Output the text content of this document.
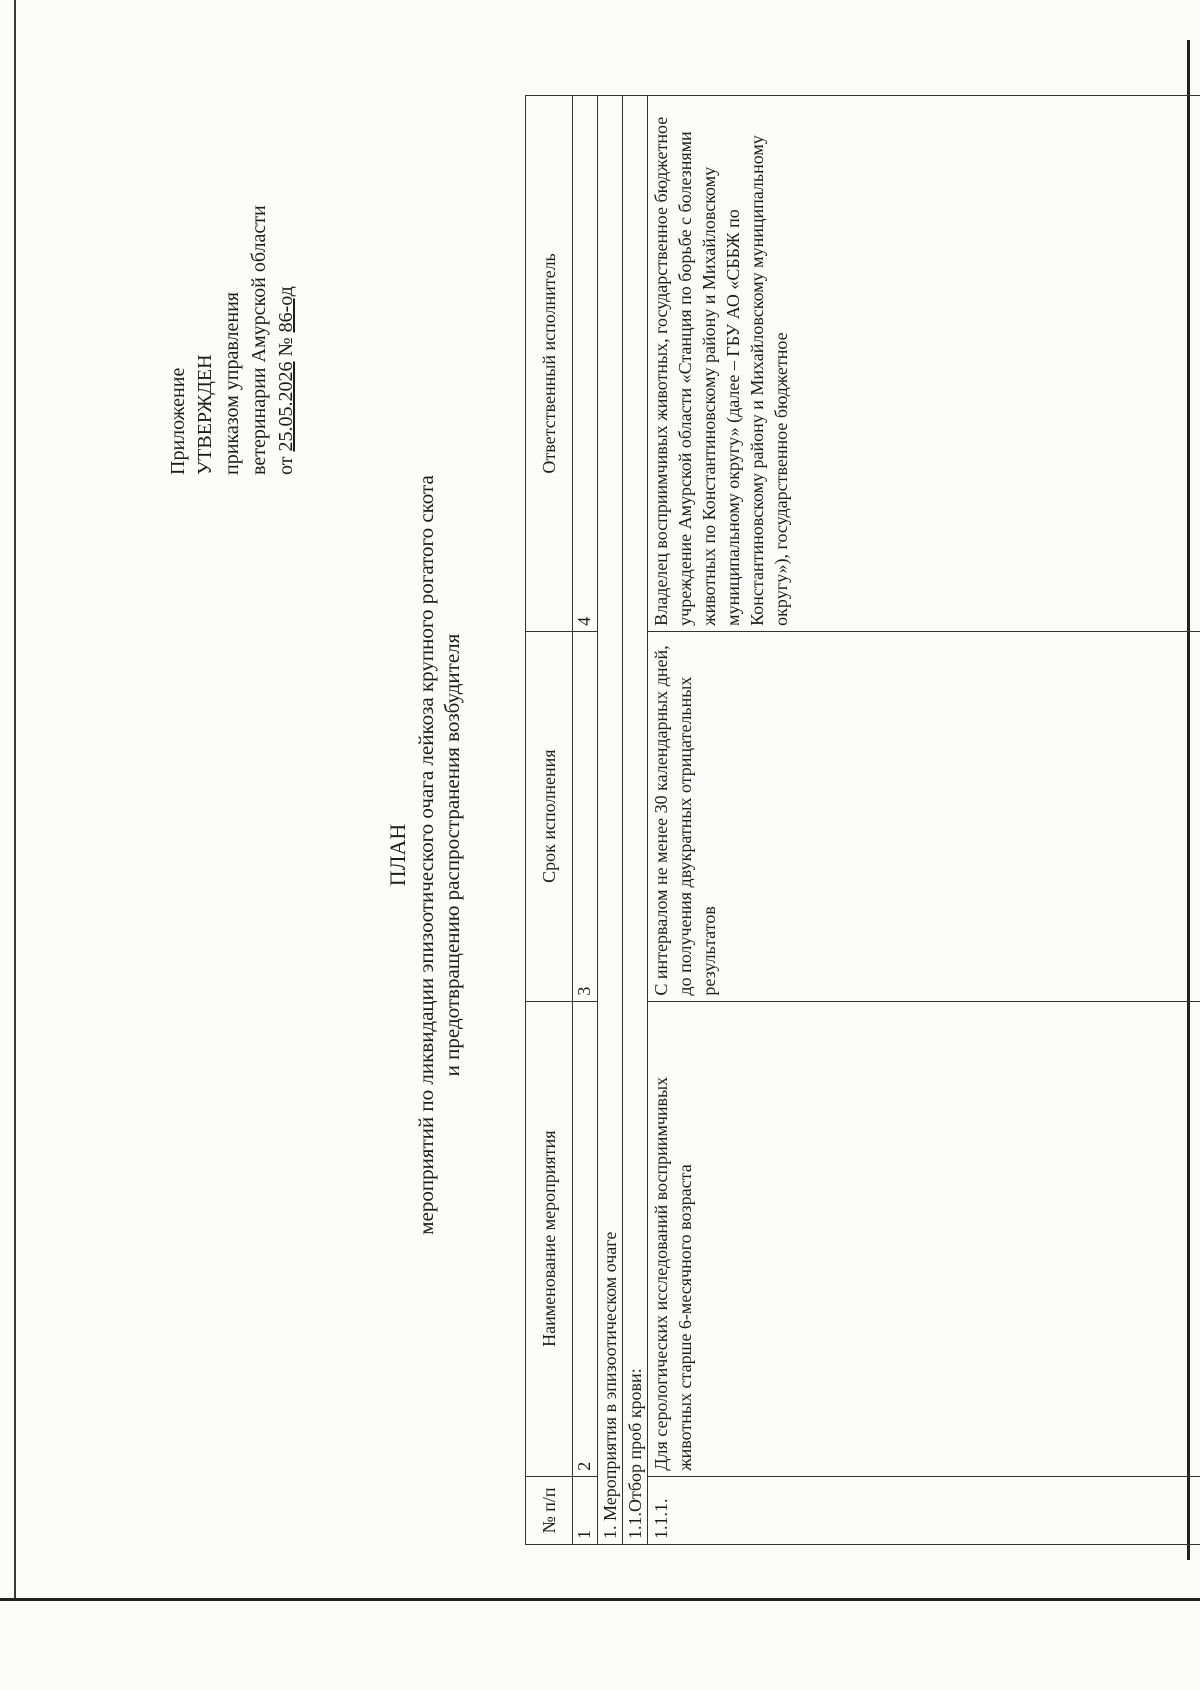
Приложение УТВЕРЖДЕН приказом управления ветеринарии Амурской области от 25.05.2026 № 86-од
ПЛАН мероприятий по ликвидации эпизоотического очага лейкоза крупного рогатого скота и предотвращению распространения возбудителя
№ п/п	Наименование мероприятия	Срок исполнения	Ответственный исполнитель
1	2	3	4
1. Мероприятия в эпизоотическом очаге			
1.1.Отбор проб крови:			
1.1.1.	Для серологических исследований восприимчивых животных старше 6-месячного возраста	С интервалом не менее 30 календарных дней, до получения двукратных отрицательных результатов	Владелец восприимчивых животных, государственное бюджетное учреждение Амурской области «Станция по борьбе с болезнями животных по Константиновскому району и Михайловскому муниципальному округу» (далее – ГБУ АО «СББЖ по Константиновскому району и Михайловскому муниципальному округу»), государственное бюджетное
